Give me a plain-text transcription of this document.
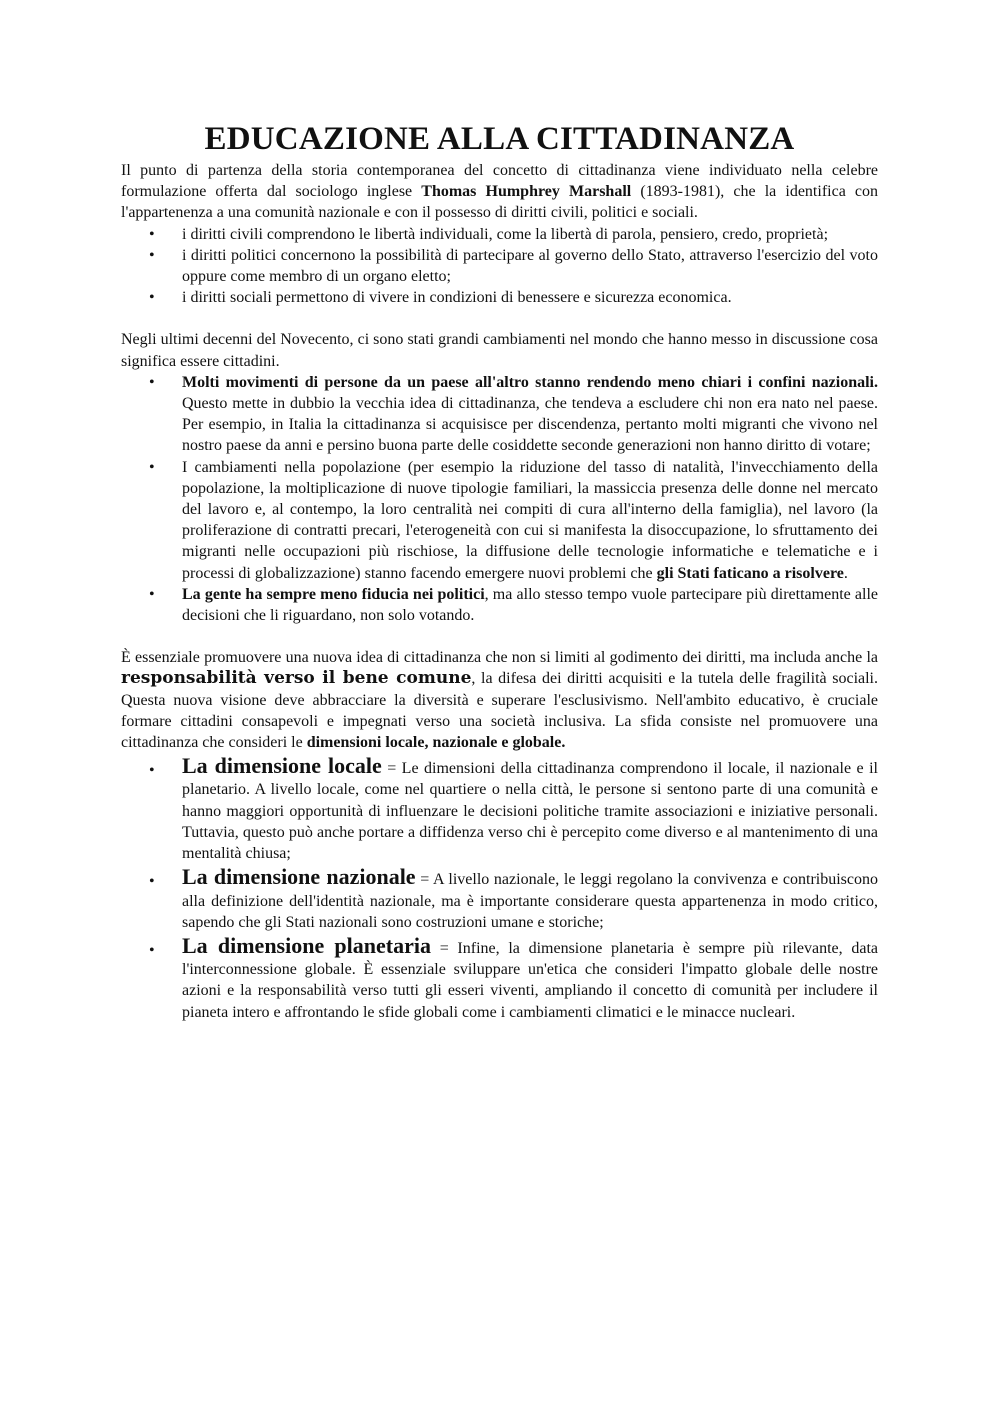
EDUCAZIONE ALLA CITTADINANZA

Il punto di partenza della storia contemporanea del concetto di cittadinanza viene individuato nella celebre formulazione offerta dal sociologo inglese Thomas Humphrey Marshall (1893-1981), che la identifica con l'appartenenza a una comunità nazionale e con il possesso di diritti civili, politici e sociali.

• i diritti civili comprendono le libertà individuali, come la libertà di parola, pensiero, credo, proprietà;
• i diritti politici concernono la possibilità di partecipare al governo dello Stato, attraverso l'esercizio del voto oppure come membro di un organo eletto;
• i diritti sociali permettono di vivere in condizioni di benessere e sicurezza economica.

Negli ultimi decenni del Novecento, ci sono stati grandi cambiamenti nel mondo che hanno messo in discussione cosa significa essere cittadini.

• Molti movimenti di persone da un paese all'altro stanno rendendo meno chiari i confini nazionali. Questo mette in dubbio la vecchia idea di cittadinanza, che tendeva a escludere chi non era nato nel paese. Per esempio, in Italia la cittadinanza si acquisisce per discendenza, pertanto molti migranti che vivono nel nostro paese da anni e persino buona parte delle cosiddette seconde generazioni non hanno diritto di votare;
• I cambiamenti nella popolazione (per esempio la riduzione del tasso di natalità, l'invecchiamento della popolazione, la moltiplicazione di nuove tipologie familiari, la massiccia presenza delle donne nel mercato del lavoro e, al contempo, la loro centralità nei compiti di cura all'interno della famiglia), nel lavoro (la proliferazione di contratti precari, l'eterogeneità con cui si manifesta la disoccupazione, lo sfruttamento dei migranti nelle occupazioni più rischiose, la diffusione delle tecnologie informatiche e telematiche e i processi di globalizzazione) stanno facendo emergere nuovi problemi che gli Stati faticano a risolvere.
• La gente ha sempre meno fiducia nei politici, ma allo stesso tempo vuole partecipare più direttamente alle decisioni che li riguardano, non solo votando.

È essenziale promuovere una nuova idea di cittadinanza che non si limiti al godimento dei diritti, ma includa anche la responsabilità verso il bene comune, la difesa dei diritti acquisiti e la tutela delle fragilità sociali. Questa nuova visione deve abbracciare la diversità e superare l'esclusivismo. Nell'ambito educativo, è cruciale formare cittadini consapevoli e impegnati verso una società inclusiva. La sfida consiste nel promuovere una cittadinanza che consideri le dimensioni locale, nazionale e globale.

• La dimensione locale = Le dimensioni della cittadinanza comprendono il locale, il nazionale e il planetario. A livello locale, come nel quartiere o nella città, le persone si sentono parte di una comunità e hanno maggiori opportunità di influenzare le decisioni politiche tramite associazioni e iniziative personali. Tuttavia, questo può anche portare a diffidenza verso chi è percepito come diverso e al mantenimento di una mentalità chiusa;
• La dimensione nazionale = A livello nazionale, le leggi regolano la convivenza e contribuiscono alla definizione dell'identità nazionale, ma è importante considerare questa appartenenza in modo critico, sapendo che gli Stati nazionali sono costruzioni umane e storiche;
• La dimensione planetaria = Infine, la dimensione planetaria è sempre più rilevante, data l'interconnessione globale. È essenziale sviluppare un'etica che consideri l'impatto globale delle nostre azioni e la responsabilità verso tutti gli esseri viventi, ampliando il concetto di comunità per includere il pianeta intero e affrontando le sfide globali come i cambiamenti climatici e le minacce nucleari.
